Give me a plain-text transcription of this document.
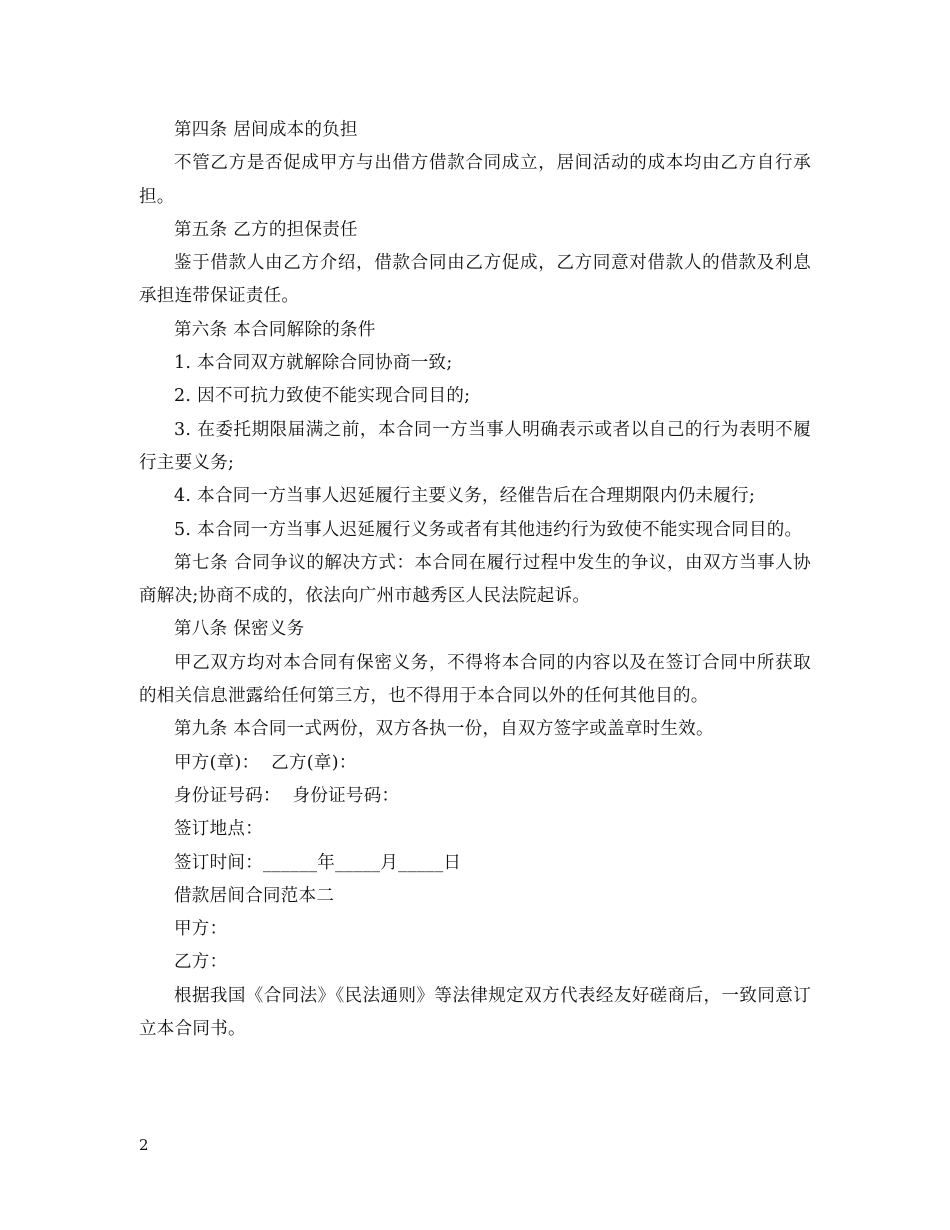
第四条 居间成本的负担

不管乙方是否促成甲方与出借方借款合同成立，居间活动的成本均由乙方自行承担。

第五条 乙方的担保责任

鉴于借款人由乙方介绍，借款合同由乙方促成，乙方同意对借款人的借款及利息承担连带保证责任。

第六条 本合同解除的条件

1. 本合同双方就解除合同协商一致;

2. 因不可抗力致使不能实现合同目的;

3. 在委托期限届满之前，本合同一方当事人明确表示或者以自己的行为表明不履行主要义务;

4. 本合同一方当事人迟延履行主要义务，经催告后在合理期限内仍未履行;

5. 本合同一方当事人迟延履行义务或者有其他违约行为致使不能实现合同目的。

第七条 合同争议的解决方式：本合同在履行过程中发生的争议，由双方当事人协商解决;协商不成的，依法向广州市越秀区人民法院起诉。

第八条 保密义务

甲乙双方均对本合同有保密义务，不得将本合同的内容以及在签订合同中所获取的相关信息泄露给任何第三方，也不得用于本合同以外的任何其他目的。

第九条 本合同一式两份，双方各执一份，自双方签字或盖章时生效。

甲方(章)：  乙方(章)：

身份证号码：  身份证号码：

签订地点：

签订时间：______年_____月_____日

借款居间合同范本二

甲方：

乙方：

根据我国《合同法》《民法通则》等法律规定双方代表经友好磋商后，一致同意订立本合同书。

2
